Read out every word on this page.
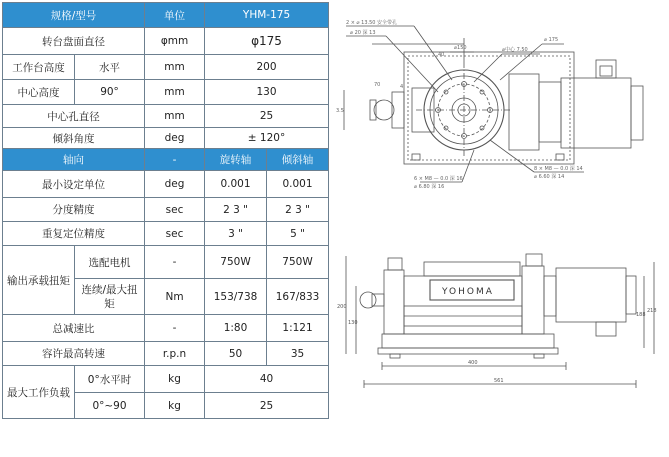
规格/型号		单位	YHM-175	
转台盘面直径		φmm	φ175	
工作台高度	水平	mm	200	
中心高度	90°	mm	130	
中心孔直径		mm	25	
倾斜角度		deg	± 120°	
轴向		-	旋转轴	倾斜轴
最小设定单位		deg	0.001	0.001
分度精度		sec	2 3 "	2 3 "
重复定位精度		sec	3 "	5 "
输出承载扭矩	选配电机	-	750W	750W
	连续/最大扭矩	Nm	153/738	167/833
总减速比		-	1:80	1:121
容许最高转速		r.p.n	50	35
最大工作负载	0°水平时	kg	40	
	0°~90	kg	25	
2 × ⌀ 13.50 安全带孔
⌀ 20 深 13
⌀150	⌀中心 7.50
⌀ 175
3.5
70
40
4
8 × M8 — 0.0 深 14
⌀ 6.60 深 14
6 × M8 — 0.0 深 16
⌀ 6.80 深 16
YOHOMA
400
561
200
130
188
218
